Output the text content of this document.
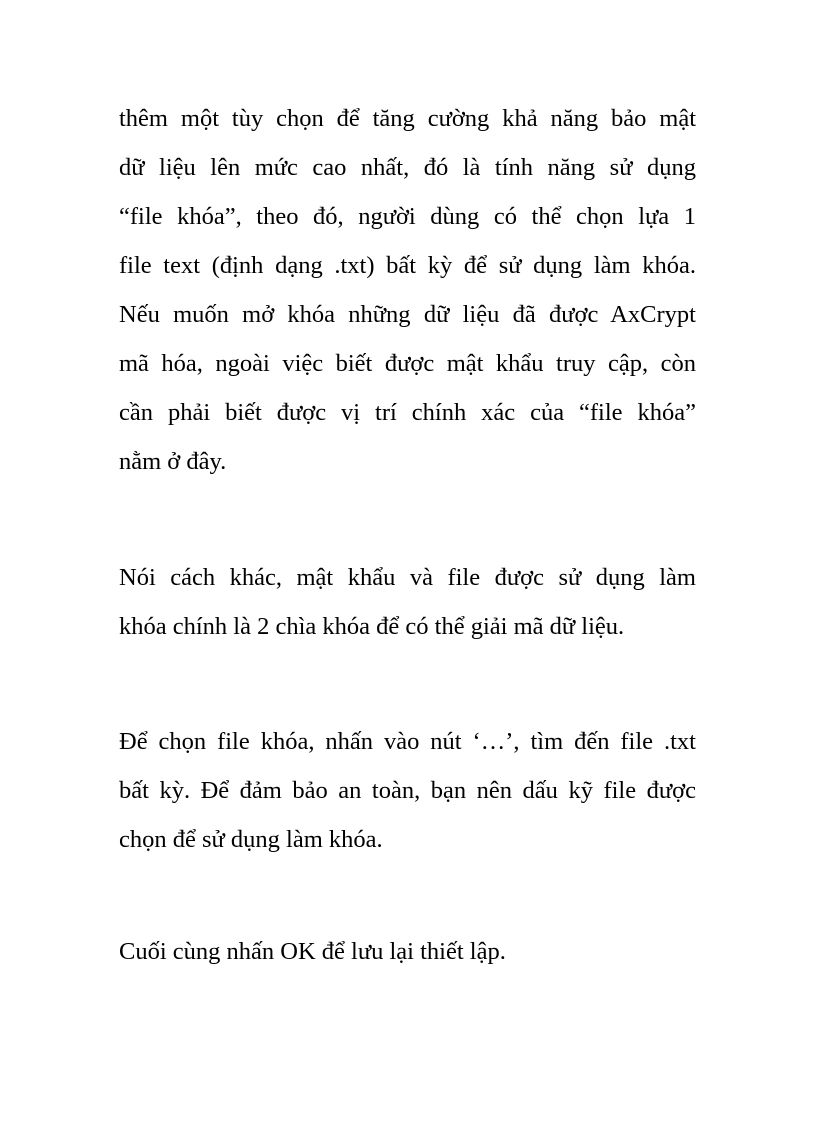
thêm một tùy chọn để tăng cường khả năng bảo mật
dữ liệu lên mức cao nhất, đó là tính năng sử dụng
“file khóa”, theo đó, người dùng có thể chọn lựa 1
file text (định dạng .txt) bất kỳ để sử dụng làm khóa.
Nếu muốn mở khóa những dữ liệu đã được AxCrypt
mã hóa, ngoài việc biết được mật khẩu truy cập, còn
cần phải biết được vị trí chính xác của “file khóa”
nằm ở đây.
Nói cách khác, mật khẩu và file được sử dụng làm
khóa chính là 2 chìa khóa để có thể giải mã dữ liệu.
Để chọn file khóa, nhấn vào nút ‘…’, tìm đến file .txt
bất kỳ. Để đảm bảo an toàn, bạn nên dấu kỹ file được
chọn để sử dụng làm khóa.
Cuối cùng nhấn OK để lưu lại thiết lập.
